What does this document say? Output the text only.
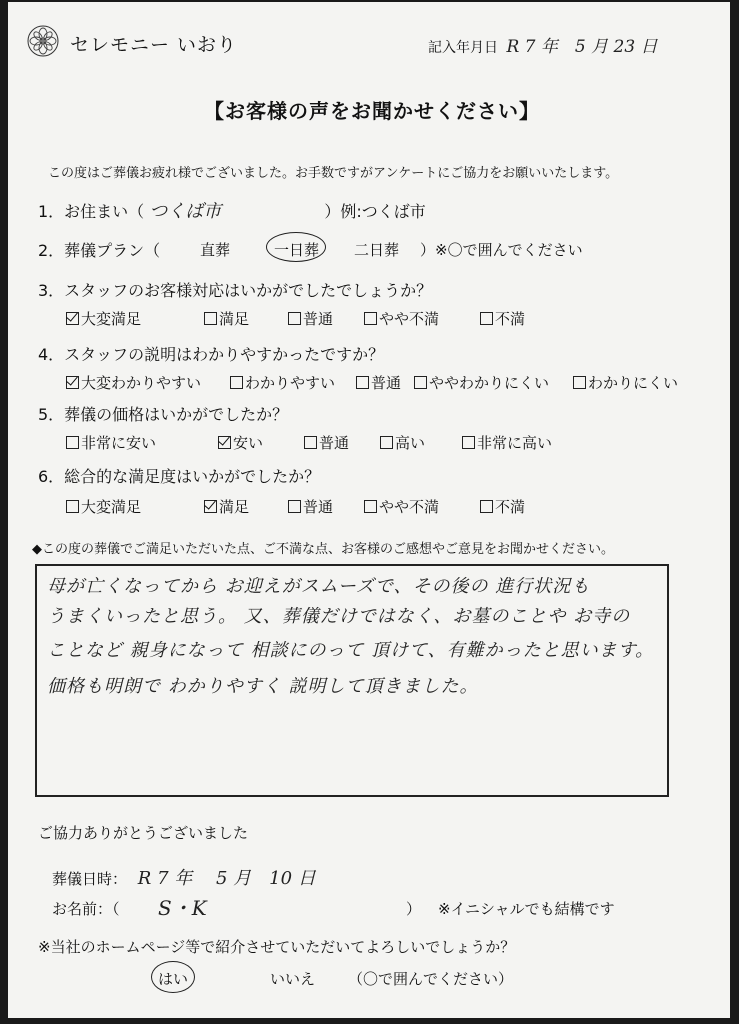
セレモニー いおり	記入年月日 R 7 年　5 月 23 日
【お客様の声をお聞かせください】
この度はご葬儀お疲れ様でございました。お手数ですがアンケートにご協力をお願いいたします。
1．お住まい（ つくば市	）例:つくば市
2．葬儀プラン（	直葬	一日葬 二日葬 ）※〇で囲んでください
3．スタッフのお客様対応はいかがでしたでしょうか？
大変満足	満足	普通	やや不満	不満
4．スタッフの説明はわかりやすかったですか？
大変わかりやすい	わかりやすい	普通	ややわかりにくい	わかりにくい
5．葬儀の価格はいかがでしたか？
非常に安い	安い	普通	高い	非常に高い
6．総合的な満足度はいかがでしたか？
大変満足	満足	普通	やや不満	不満
◆この度の葬儀でご満足いただいた点、ご不満な点、お客様のご感想やご意見をお聞かせください。
母が亡くなってから お迎えがスムーズで、その後の 進行状況も
うまくいったと思う。 又、葬儀だけではなく、お墓のことや お寺の
ことなど 親身になって 相談にのって 頂けて、有難かったと思います。
価格も明朗で わかりやすく 説明して頂きました。
ご協力ありがとうございました
葬儀日時： R 7 年　 5 月　10 日
お名前：（ S・K	） ※イニシャルでも結構です
※当社のホームページ等で紹介させていただいてよろしいでしょうか？
はい	いいえ （〇で囲んでください）
